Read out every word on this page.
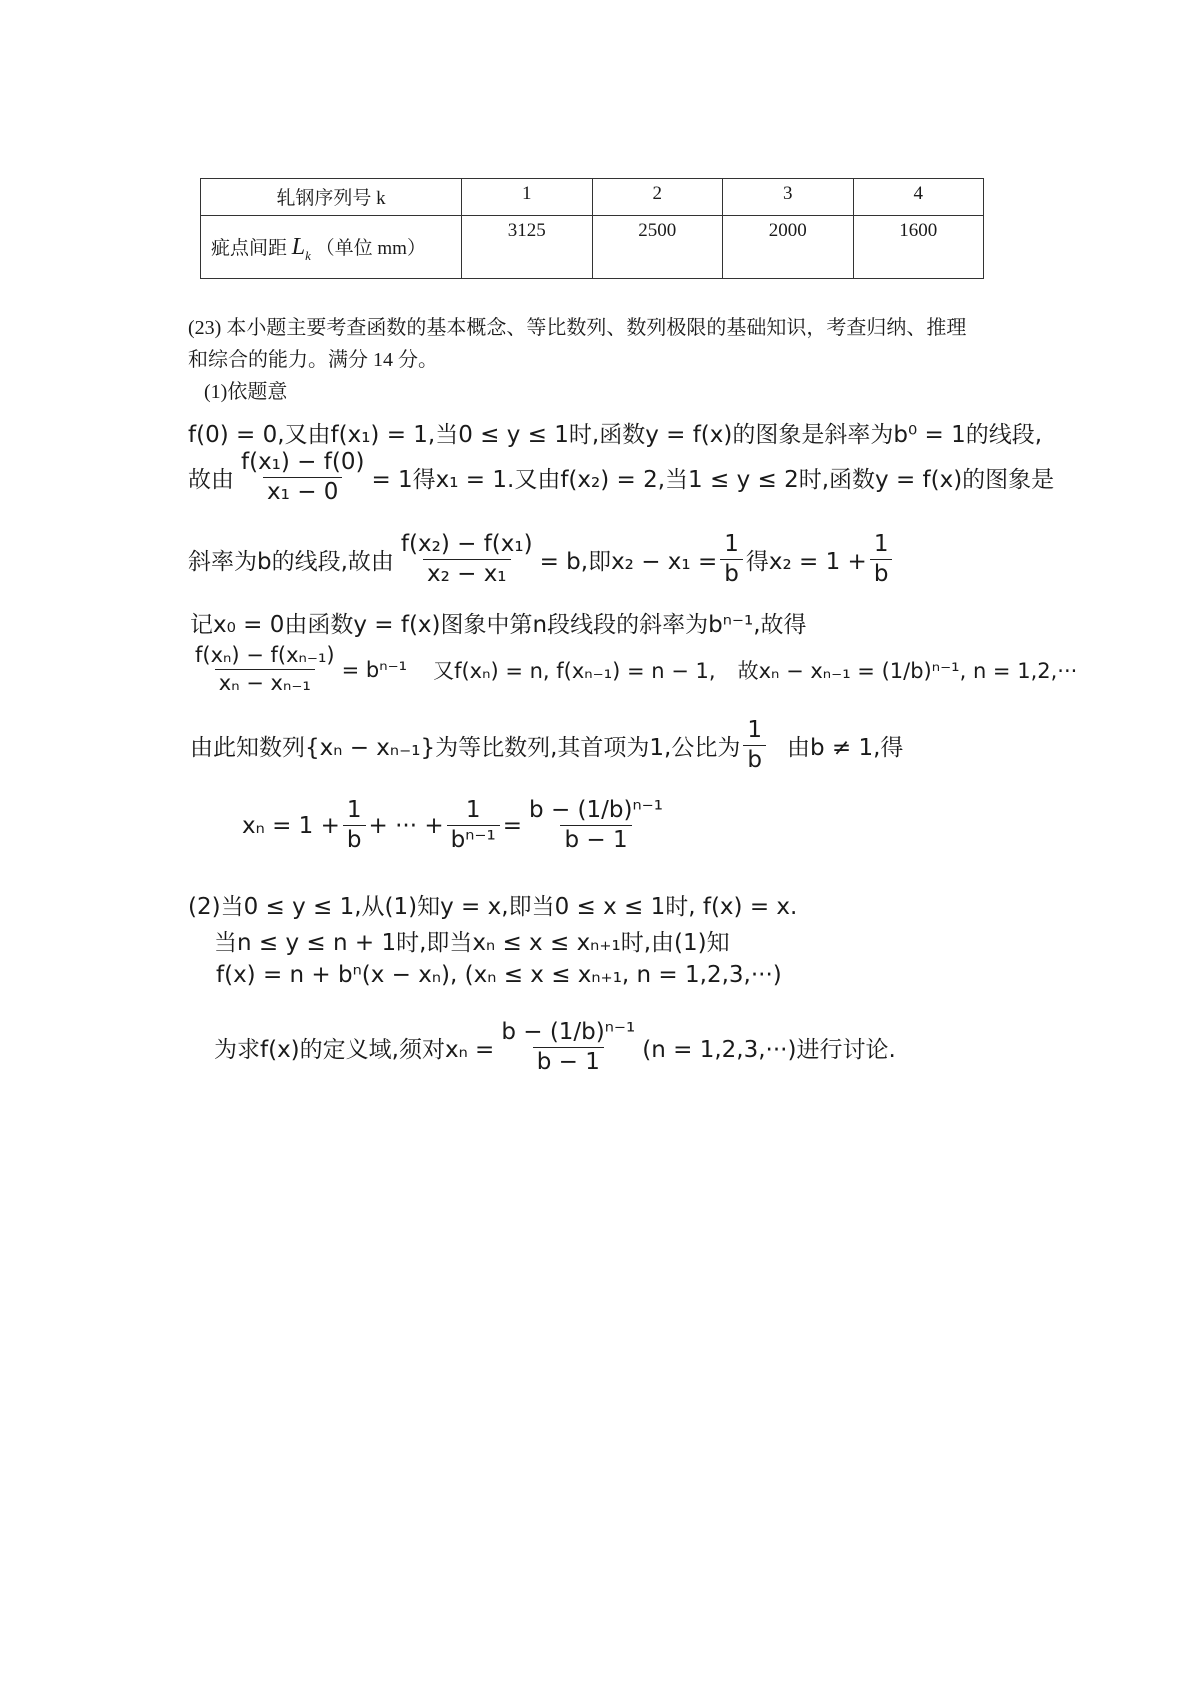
轧钢序列号 k	1	2	3	4
疵点间距 $L_k$ （单位 mm）	3125	2500	2000	1600
(23) 本小题主要考查函数的基本概念、等比数列、数列极限的基础知识，考查归纳、推理和综合的能力。满分 14 分。
(1)依题意
f(0) = 0,又由f(x₁) = 1,当0 ≤ y ≤ 1时,函数y = f(x)的图象是斜率为b⁰ = 1的线段,
故由 $\frac{\text{f(x₁) − f(0)}}{\text{x₁ − 0}} = 1$得x₁ = 1.又由f(x₂) = 2,当1 ≤ y ≤ 2时,函数y = f(x)的图象是
斜率为b的线段,故由 $\frac{\text{f(x₂) − f(x₁)}}{\text{x₂ − x₁}} = b$,即$x_2 - x_1 = \frac{1}{b}$ 得$x_2 = 1 + \frac{1}{b}$
记x₀ = 0由函数y = f(x)图象中第n段线段的斜率为bⁿ⁻¹,故得
$\frac{\text{f(xₙ) − f(xₙ₋₁)}}{\text{xₙ − xₙ₋₁}} = b^{n-1}$ 又f(xₙ) = n, f(xₙ₋₁) = n − 1, 故xₙ − xₙ₋₁ = (1/b)ⁿ⁻¹, n = 1,2,···
由此知数列{xₙ − xₙ₋₁}为等比数列,其首项为1,公比为
1
b 由b ≠ 1,得
$x_n = 1 + \frac{1}{b}$ + ··· + $\frac{1}{\text{bⁿ⁻¹}} = \frac{\text{b − (1/b)ⁿ⁻¹}}{b - 1}$
(2)当0 ≤ y ≤ 1,从(1)知y = x,即当0 ≤ x ≤ 1时, f(x) = x.
当n ≤ y ≤ n + 1时,即当xₙ ≤ x ≤ xₙ₊₁时,由(1)知
f(x) = n + bⁿ(x − xₙ), (xₙ ≤ x ≤ xₙ₊₁, n = 1,2,3,···)
为求f(x)的定义域,须对$x_n = \frac{\text{b − (1/b)ⁿ⁻¹}}{b - 1} (n = 1,2,3,\cdot\cdot\cdot)$进行讨论.
